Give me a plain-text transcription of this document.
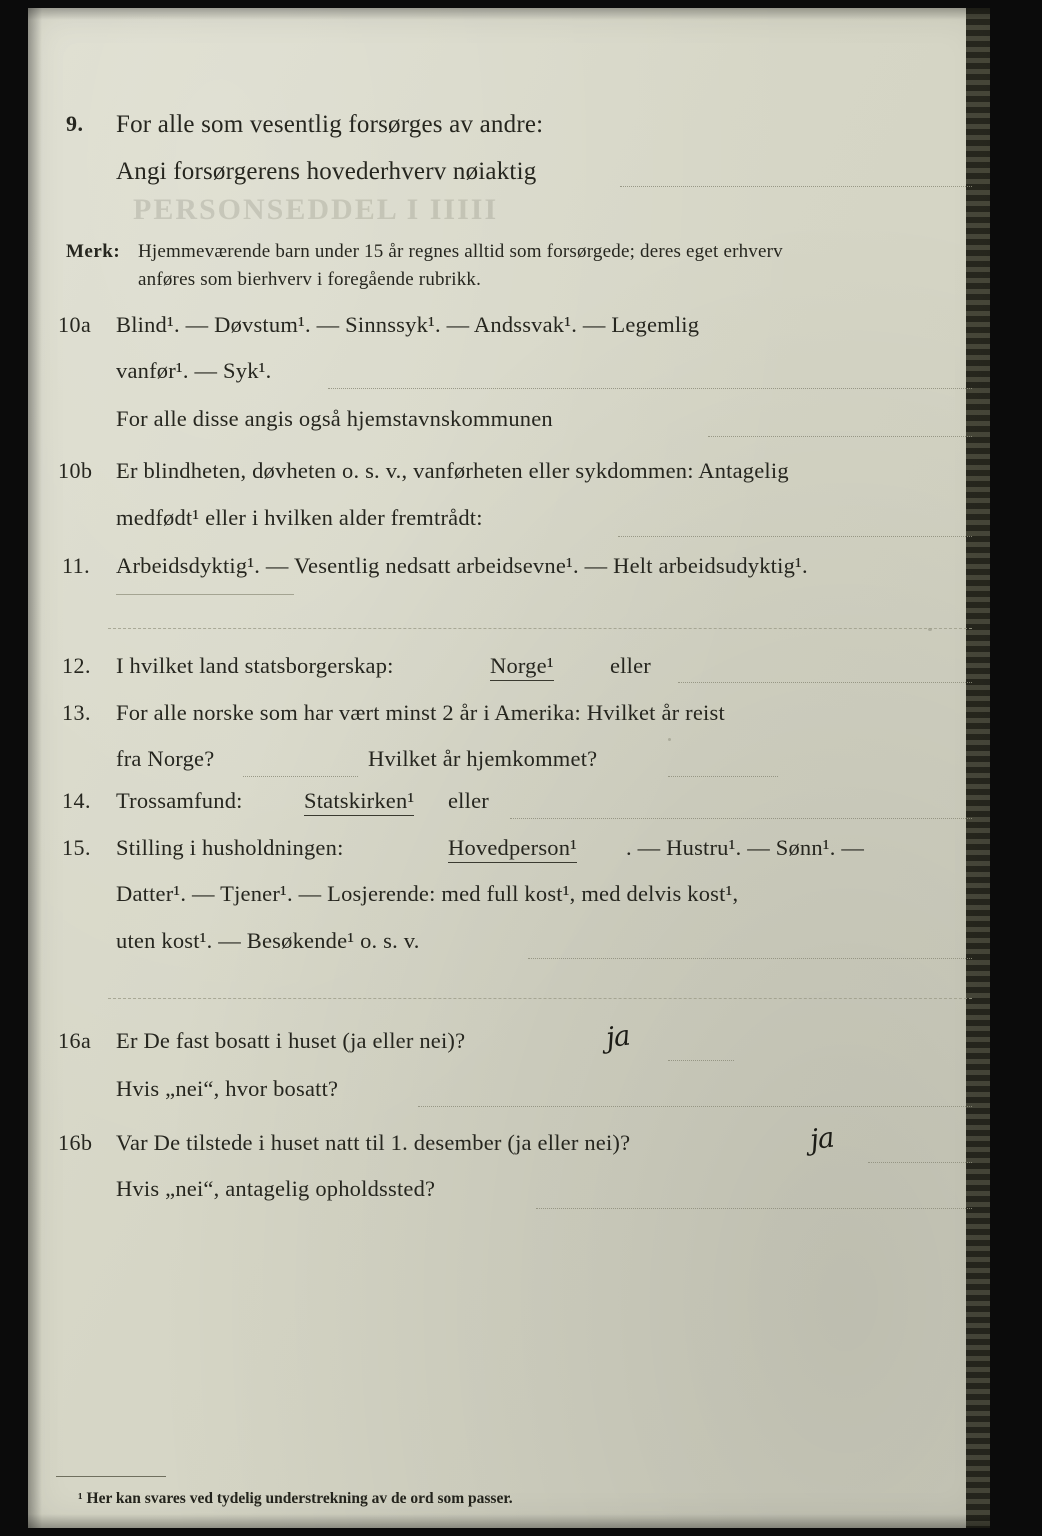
PERSONSEDDEL I IIIII

9. For alle som vesentlig forsørges av andre:
Angi forsørgerens hovederhverv nøiaktig
Merk: Hjemmeværende barn under 15 år regnes alltid som forsørgede; deres eget erhverv
anføres som bierhverv i foregående rubrikk.
10a Blind¹. — Døvstum¹. — Sinnssyk¹. — Andssvak¹. — Legemlig
vanfør¹. — Syk¹.
For alle disse angis også hjemstavnskommunen
10b Er blindheten, døvheten o. s. v., vanførheten eller sykdommen: Antagelig
medfødt¹ eller i hvilken alder fremtrådt:
11. Arbeidsdyktig¹. — Vesentlig nedsatt arbeidsevne¹. — Helt arbeidsudyktig¹.
12. I hvilket land statsborgerskap:	Norge¹ eller
13. For alle norske som har vært minst 2 år i Amerika: Hvilket år reist
fra Norge?	Hvilket år hjemkommet?
14. Trossamfund:	Statskirken¹ eller
15. Stilling i husholdningen:	Hovedperson¹ . — Hustru¹. — Sønn¹. —
Datter¹. — Tjener¹. — Losjerende: med full kost¹, med delvis kost¹,
uten kost¹. — Besøkende¹ o. s. v.
16a Er De fast bosatt i huset (ja eller nei)?	ja
Hvis „nei“, hvor bosatt?
16b Var De tilstede i huset natt til 1. desember (ja eller nei)?	ja
Hvis „nei“, antagelig opholdssted?
¹ Her kan svares ved tydelig understrekning av de ord som passer.
